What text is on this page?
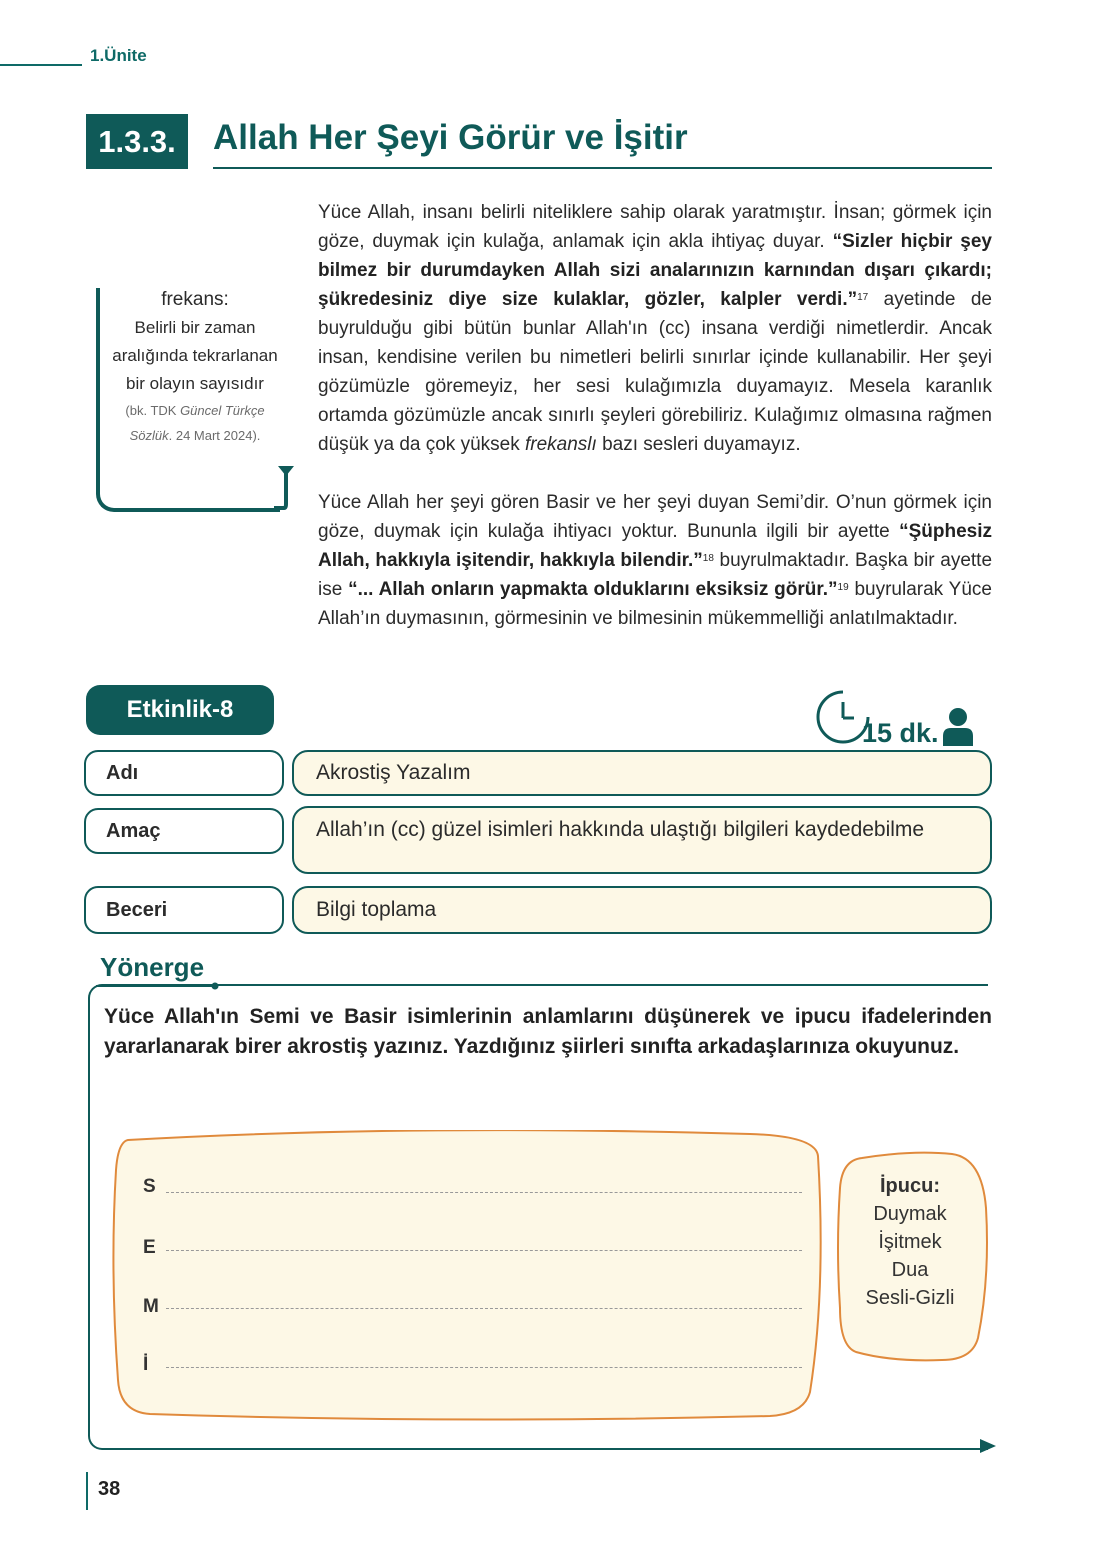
1.Ünite
1.3.3.	Allah Her Şeyi Görür ve İşitir
frekans:
Belirli bir zaman aralığında tekrarlanan bir olayın sayısıdır
(bk. TDK Güncel Türkçe Sözlük. 24 Mart 2024).
Yüce Allah, insanı belirli niteliklere sahip olarak yaratmıştır. İnsan; görmek için göze, duymak için kulağa, anlamak için akla ihtiyaç duyar. “Sizler hiçbir şey bilmez bir durumdayken Allah sizi analarınızın karnından dışarı çıkardı; şükredesiniz diye size kulaklar, gözler, kalpler verdi.”$^{17}$ ayetinde de buyrulduğu gibi bütün bunlar Allah'ın (cc) insana verdiği nimetlerdir. Ancak insan, kendisine verilen bu nimetleri belirli sınırlar içinde kullanabilir. Her şeyi gözümüzle göremeyiz, her sesi kulağımızla duyamayız. Mesela karanlık ortamda gözümüzle ancak sınırlı şeyleri görebiliriz. Kulağımız olmasına rağmen düşük ya da çok yüksek frekanslı bazı sesleri duyamayız.
Yüce Allah her şeyi gören Basir ve her şeyi duyan Semi’dir. O’nun görmek için göze, duymak için kulağa ihtiyacı yoktur. Bununla ilgili bir ayette “Şüphesiz Allah, hakkıyla işitendir, hakkıyla bilendir.”$^{18}$ buyrulmaktadır. Başka bir ayette ise “... Allah onların yapmakta olduklarını eksiksiz görür.”$^{19}$ buyrularak Yüce Allah’ın duymasının, görmesinin ve bilmesinin mükemmelliği anlatılmaktadır.
Etkinlik-8
15 dk.
Adı	Akrostiş Yazalım
Amaç	Allah’ın (cc) güzel isimleri hakkında ulaştığı bilgileri kaydedebilme
Beceri	Bilgi toplama
Yönerge
Yüce Allah'ın Semi ve Basir isimlerinin anlamlarını düşünerek ve ipucu ifadelerinden yararlanarak birer akrostiş yazınız. Yazdığınız şiirleri sınıfta arkadaşlarınıza okuyunuz.
S
E
M
İ
İpucu:
Duymak
İşitmek
Dua
Sesli-Gizli
38
